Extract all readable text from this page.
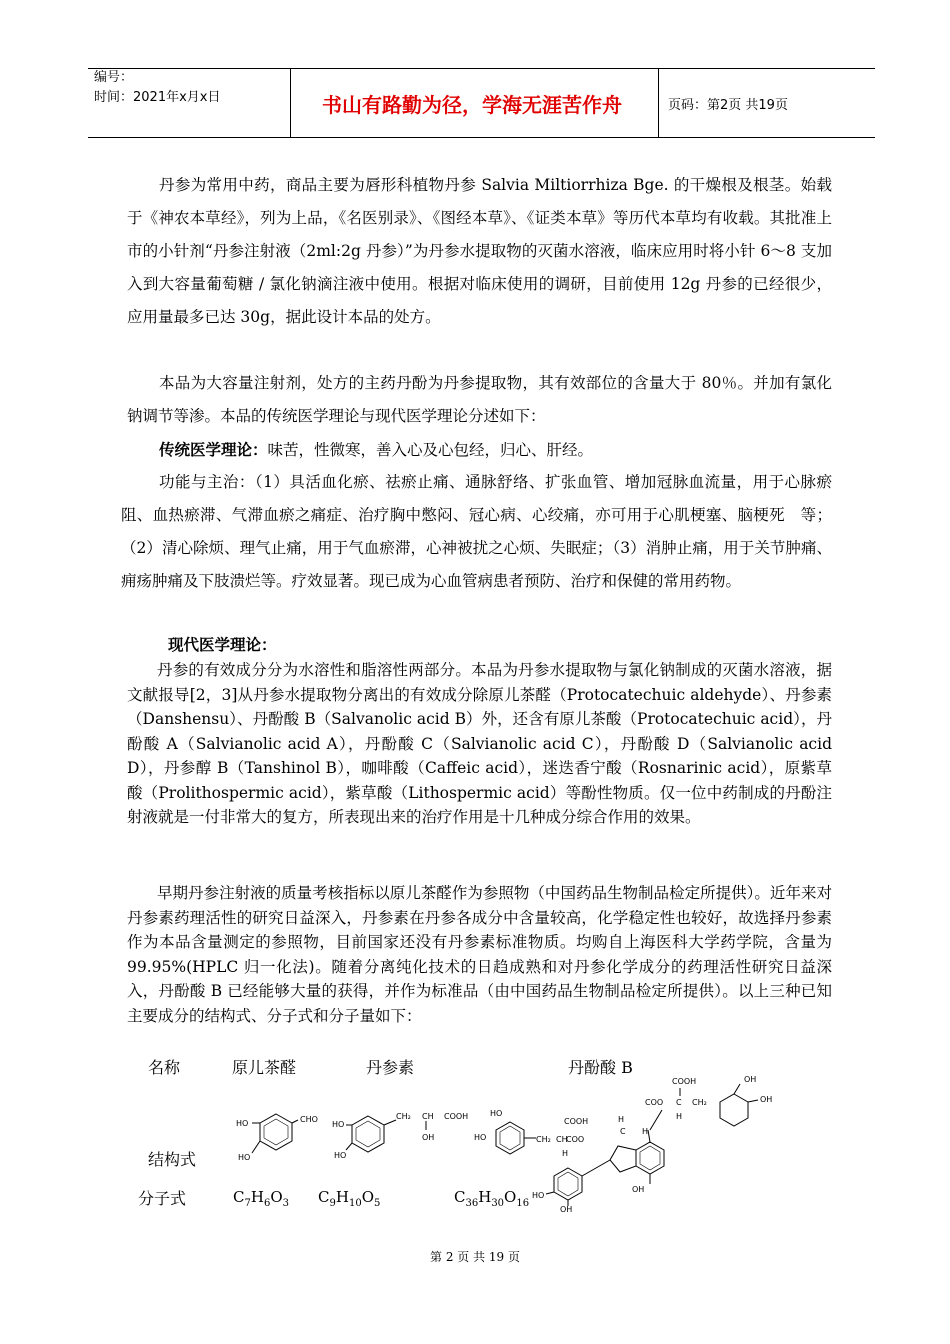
编号：
时间：2021年x月x日	书山有路勤为径，学海无涯苦作舟	页码：第2页 共19页
丹参为常用中药，商品主要为唇形科植物丹参 Salvia Miltiorrhiza Bge. 的干燥根及根茎。始载于《神农本草经》，列为上品，《名医别录》、《图经本草》、《证类本草》等历代本草均有收载。其批准上市的小针剂“丹参注射液（2ml:2g 丹参）”为丹参水提取物的灭菌水溶液，临床应用时将小针 6～8 支加入到大容量葡萄糖 / 氯化钠滴注液中使用。根据对临床使用的调研，目前使用 12g 丹参的已经很少，应用量最多已达 30g，据此设计本品的处方。
本品为大容量注射剂，处方的主药丹酚为丹参提取物，其有效部位的含量大于 80％。并加有氯化钠调节等渗。本品的传统医学理论与现代医学理论分述如下：
传统医学理论：味苦，性微寒，善入心及心包经，归心、肝经。
功能与主治：（1）具活血化瘀、祛瘀止痛、通脉舒络、扩张血管、增加冠脉血流量，用于心脉瘀阻、血热瘀滞、气滞血瘀之痛症、治疗胸中憋闷、冠心病、心绞痛，亦可用于心肌梗塞、脑梗死　等；（2）清心除烦、理气止痛，用于气血瘀滞，心神被扰之心烦、失眠症；（3）消肿止痛，用于关节肿痛、痈疡肿痛及下肢溃烂等。疗效显著。现已成为心血管病患者预防、治疗和保健的常用药物。
现代医学理论：
丹参的有效成分分为水溶性和脂溶性两部分。本品为丹参水提取物与氯化钠制成的灭菌水溶液，据文献报导[2，3]从丹参水提取物分离出的有效成分除原儿茶醛（Protocatechuic aldehyde）、丹参素（Danshensu）、丹酚酸 B（Salvanolic acid B）外，还含有原儿茶酸（Protocatechuic acid），丹酚酸 A（Salvianolic acid A），丹酚酸 C（Salvianolic acid C），丹酚酸 D（Salvianolic acid D），丹参醇 B（Tanshinol B），咖啡酸（Caffeic acid），迷迭香宁酸（Rosnarinic acid），原紫草酸（Prolithospermic acid），紫草酸（Lithospermic acid）等酚性物质。仅一位中药制成的丹酚注射液就是一付非常大的复方，所表现出来的治疗作用是十几种成分综合作用的效果。
早期丹参注射液的质量考核指标以原儿茶醛作为参照物（中国药品生物制品检定所提供）。近年来对丹参素药理活性的研究日益深入，丹参素在丹参各成分中含量较高，化学稳定性也较好，故选择丹参素作为本品含量测定的参照物，目前国家还没有丹参素标准物质。均购自上海医科大学药学院，含量为 99.95%(HPLC 归一化法)。随着分离纯化技术的日趋成熟和对丹参化学成分的药理活性研究日益深入，丹酚酸 B 已经能够大量的获得，并作为标准品（由中国药品生物制品检定所提供）。以上三种已知主要成分的结构式、分子式和分子量如下：
名称	原儿茶醛	丹参素	丹酚酸 B
结构式
分子式	$C_7H_6O_3$ $C_9H_{10}O_5$	$C_{36}H_{30}O_{16}$
HO	CHO
HO
HO
HO
CH₂ CH COOH
OH
COOH
COO C CH₂
H
OH
OH
HO
HO	CH₂ CH
COO
COOH
H
H
C H
OH
HO
OH
第 2 页 共 19 页
